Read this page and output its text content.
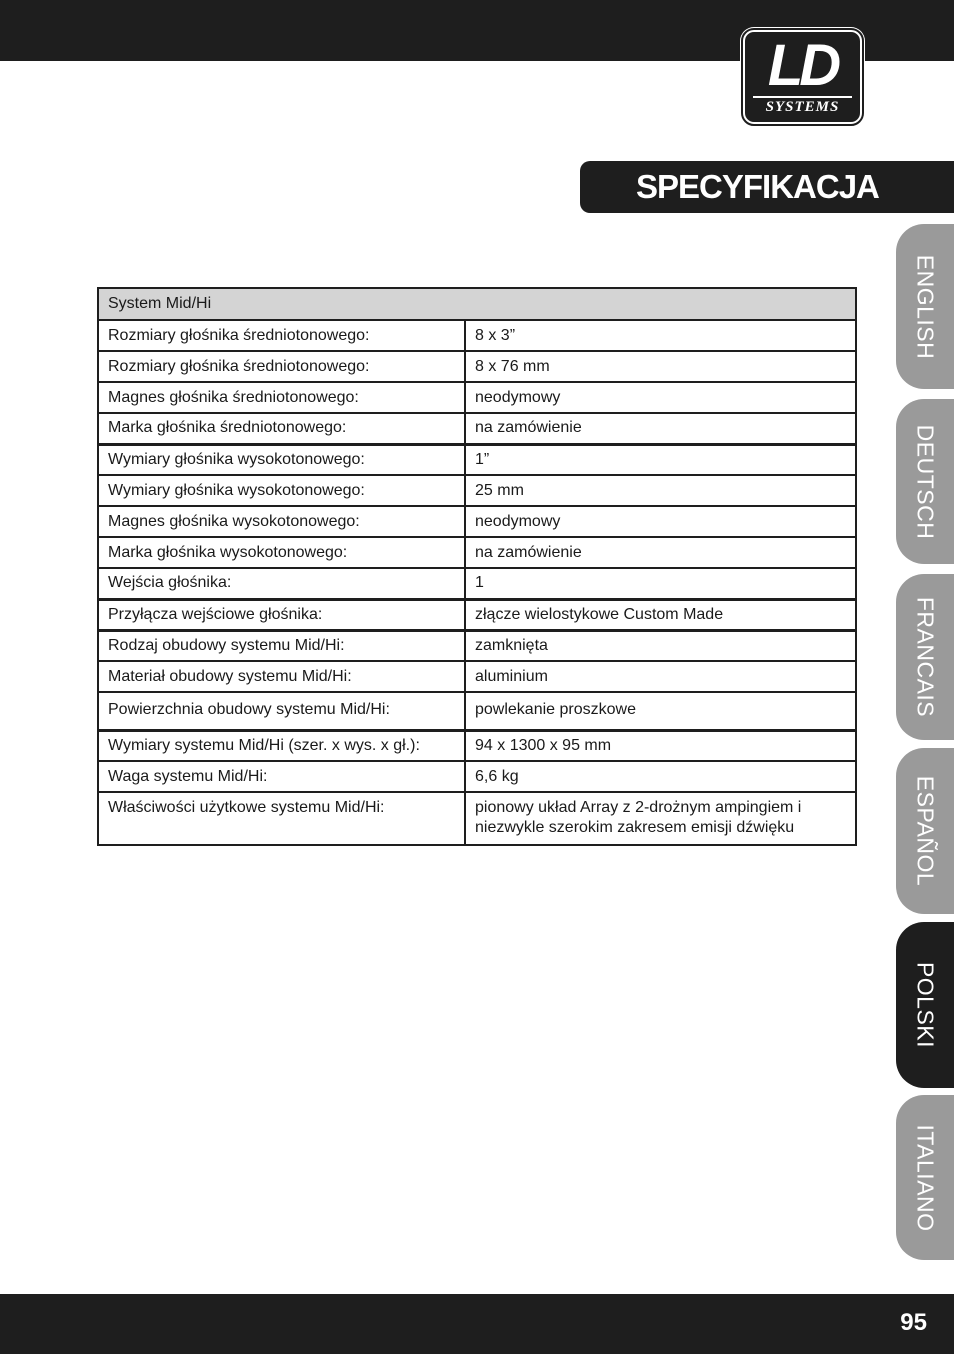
LD
SYSTEMS
SPECYFIKACJA
ENGLISH
DEUTSCH
FRANCAIS
ESPAÑOL
POLSKI
ITALIANO
System Mid/Hi	
Rozmiary głośnika średniotonowego:	8 x 3”
Rozmiary głośnika średniotonowego:	8 x 76 mm
Magnes głośnika średniotonowego:	neodymowy
Marka głośnika średniotonowego:	na zamówienie
Wymiary głośnika wysokotonowego:	1”
Wymiary głośnika wysokotonowego:	25 mm
Magnes głośnika wysokotonowego:	neodymowy
Marka głośnika wysokotonowego:	na zamówienie
Wejścia głośnika:	1
Przyłącza wejściowe głośnika:	złącze wielostykowe Custom Made
Rodzaj obudowy systemu Mid/Hi:	zamknięta
Materiał obudowy systemu Mid/Hi:	aluminium
Powierzchnia obudowy systemu Mid/Hi:	powlekanie proszkowe
Wymiary systemu Mid/Hi (szer. x wys. x gł.):	94 x 1300 x 95 mm
Waga systemu Mid/Hi:	6,6 kg
Właściwości użytkowe systemu Mid/Hi:	pionowy układ Array z 2-drożnym ampingiem i niezwykle szerokim zakresem emisji dźwięku
95
